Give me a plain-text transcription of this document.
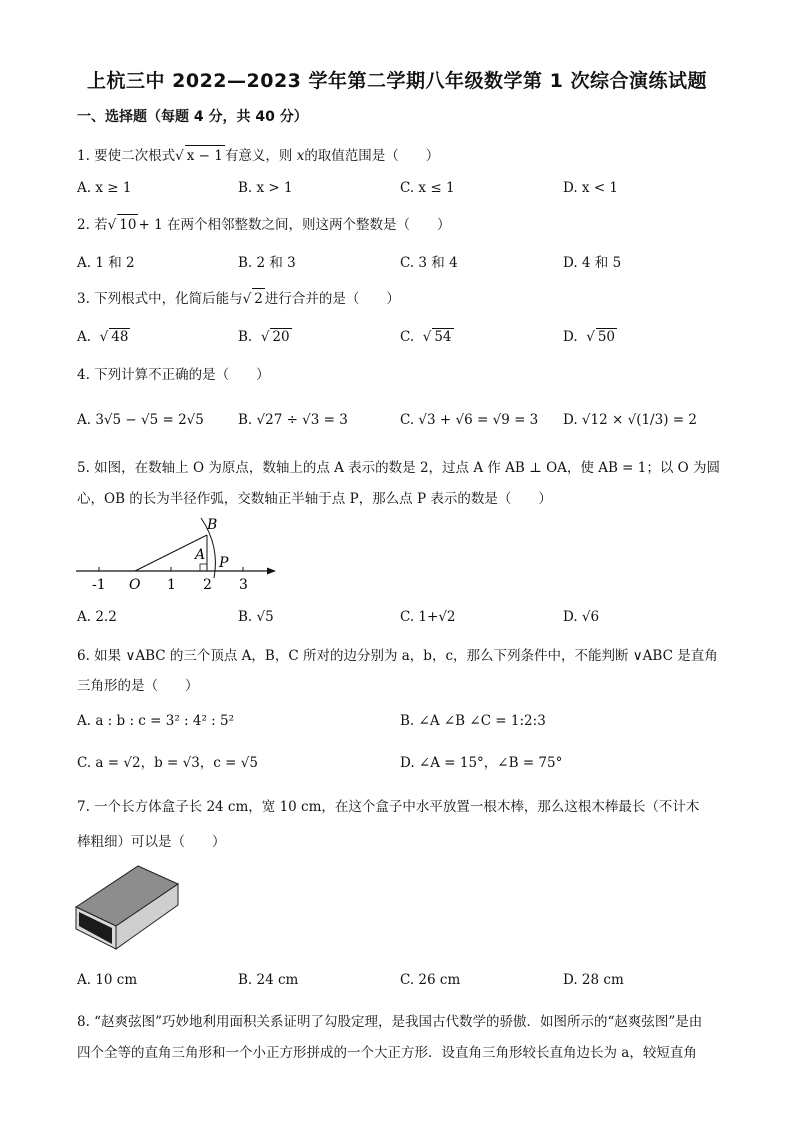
上杭三中 2022—2023 学年第二学期八年级数学第 1 次综合演练试题
一、选择题（每题 4 分，共 40 分）
1. 要使二次根式√ x − 1 有意义，则 x的取值范围是（　　）
A. x ≥ 1	B. x > 1	C. x ≤ 1	D. x < 1
2. 若√ 10 + 1 在两个相邻整数之间，则这两个整数是（　　）
A. 1 和 2	B. 2 和 3	C. 3 和 4	D. 4 和 5
3. 下列根式中，化简后能与√ 2 进行合并的是（　　）
A. √ 48	B. √ 20	C. √ 54	D. √ 50
4. 下列计算不正确的是（　　）
A. 3√5 − √5 = 2√5	B. √27 ÷ √3 = 3	C. √3 + √6 = √9 = 3 D. √12 × √(1/3) = 2
5. 如图，在数轴上 O 为原点，数轴上的点 A 表示的数是 2，过点 A 作 AB ⊥ OA，使 AB = 1；以 O 为圆
心，OB 的长为半径作弧，交数轴正半轴于点 P，那么点 P 表示的数是（　　）
B
A P
O
-1	1 2 3
A. 2.2	B. √5	C. 1+√2	D. √6
6. 如果 ∨ABC 的三个顶点 A，B，C 所对的边分别为 a，b，c，那么下列条件中，不能判断 ∨ABC 是直角
三角形的是（　　）
A. a : b : c = 3² : 4² : 5²	B. ∠A ∠B ∠C = 1:2:3
C. a = √2，b = √3，c = √5	D. ∠A = 15°，∠B = 75°
7. 一个长方体盒子长 24 cm，宽 10 cm，在这个盒子中水平放置一根木棒，那么这根木棒最长（不计木
棒粗细）可以是（　　）
A. 10 cm	B. 24 cm	C. 26 cm	D. 28 cm
8. “赵爽弦图”巧妙地利用面积关系证明了勾股定理，是我国古代数学的骄傲．如图所示的“赵爽弦图”是由
四个全等的直角三角形和一个小正方形拼成的一个大正方形．设直角三角形较长直角边长为 a，较短直角
